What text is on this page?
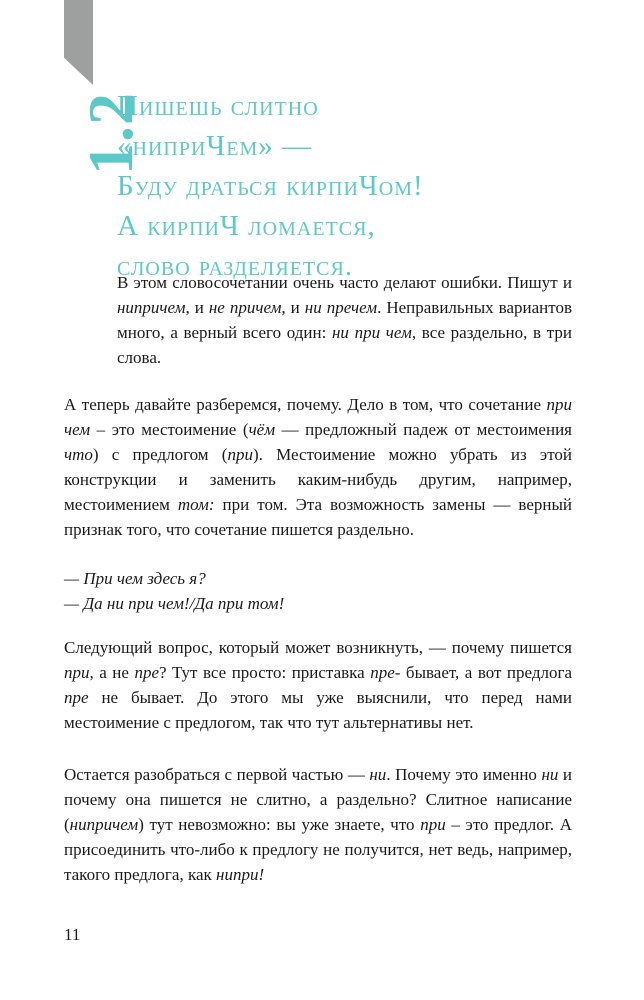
1.2
Пишешь слитно
«ниприЧем» —
Буду драться кирпиЧом!
А кирпиЧ ломается,
слово разделяется.
В этом словосочетании очень часто делают ошибки. Пишут и нипричем, и не причем, и ни пречем. Неправильных вариантов много, а верный всего один: ни при чем, все раздельно, в три слова.
А теперь давайте разберемся, почему. Дело в том, что сочетание при чем – это местоимение (чём — предложный падеж от местоимения что) с предлогом (при). Местоимение можно убрать из этой конструкции и заменить каким-нибудь другим, например, местоимением том: при том. Эта возможность замены — верный признак того, что сочетание пишется раздельно.
— При чем здесь я?
— Да ни при чем!/Да при том!
Следующий вопрос, который может возникнуть, — почему пишется при, а не пре? Тут все просто: приставка пре- бывает, а вот предлога пре не бывает. До этого мы уже выяснили, что перед нами местоимение с предлогом, так что тут альтернативы нет.
Остается разобраться с первой частью — ни. Почему это именно ни и почему она пишется не слитно, а раздельно? Слитное написание (нипричем) тут невозможно: вы уже знаете, что при – это предлог. А присоединить что-либо к предлогу не получится, нет ведь, например, такого предлога, как нипри!
11
